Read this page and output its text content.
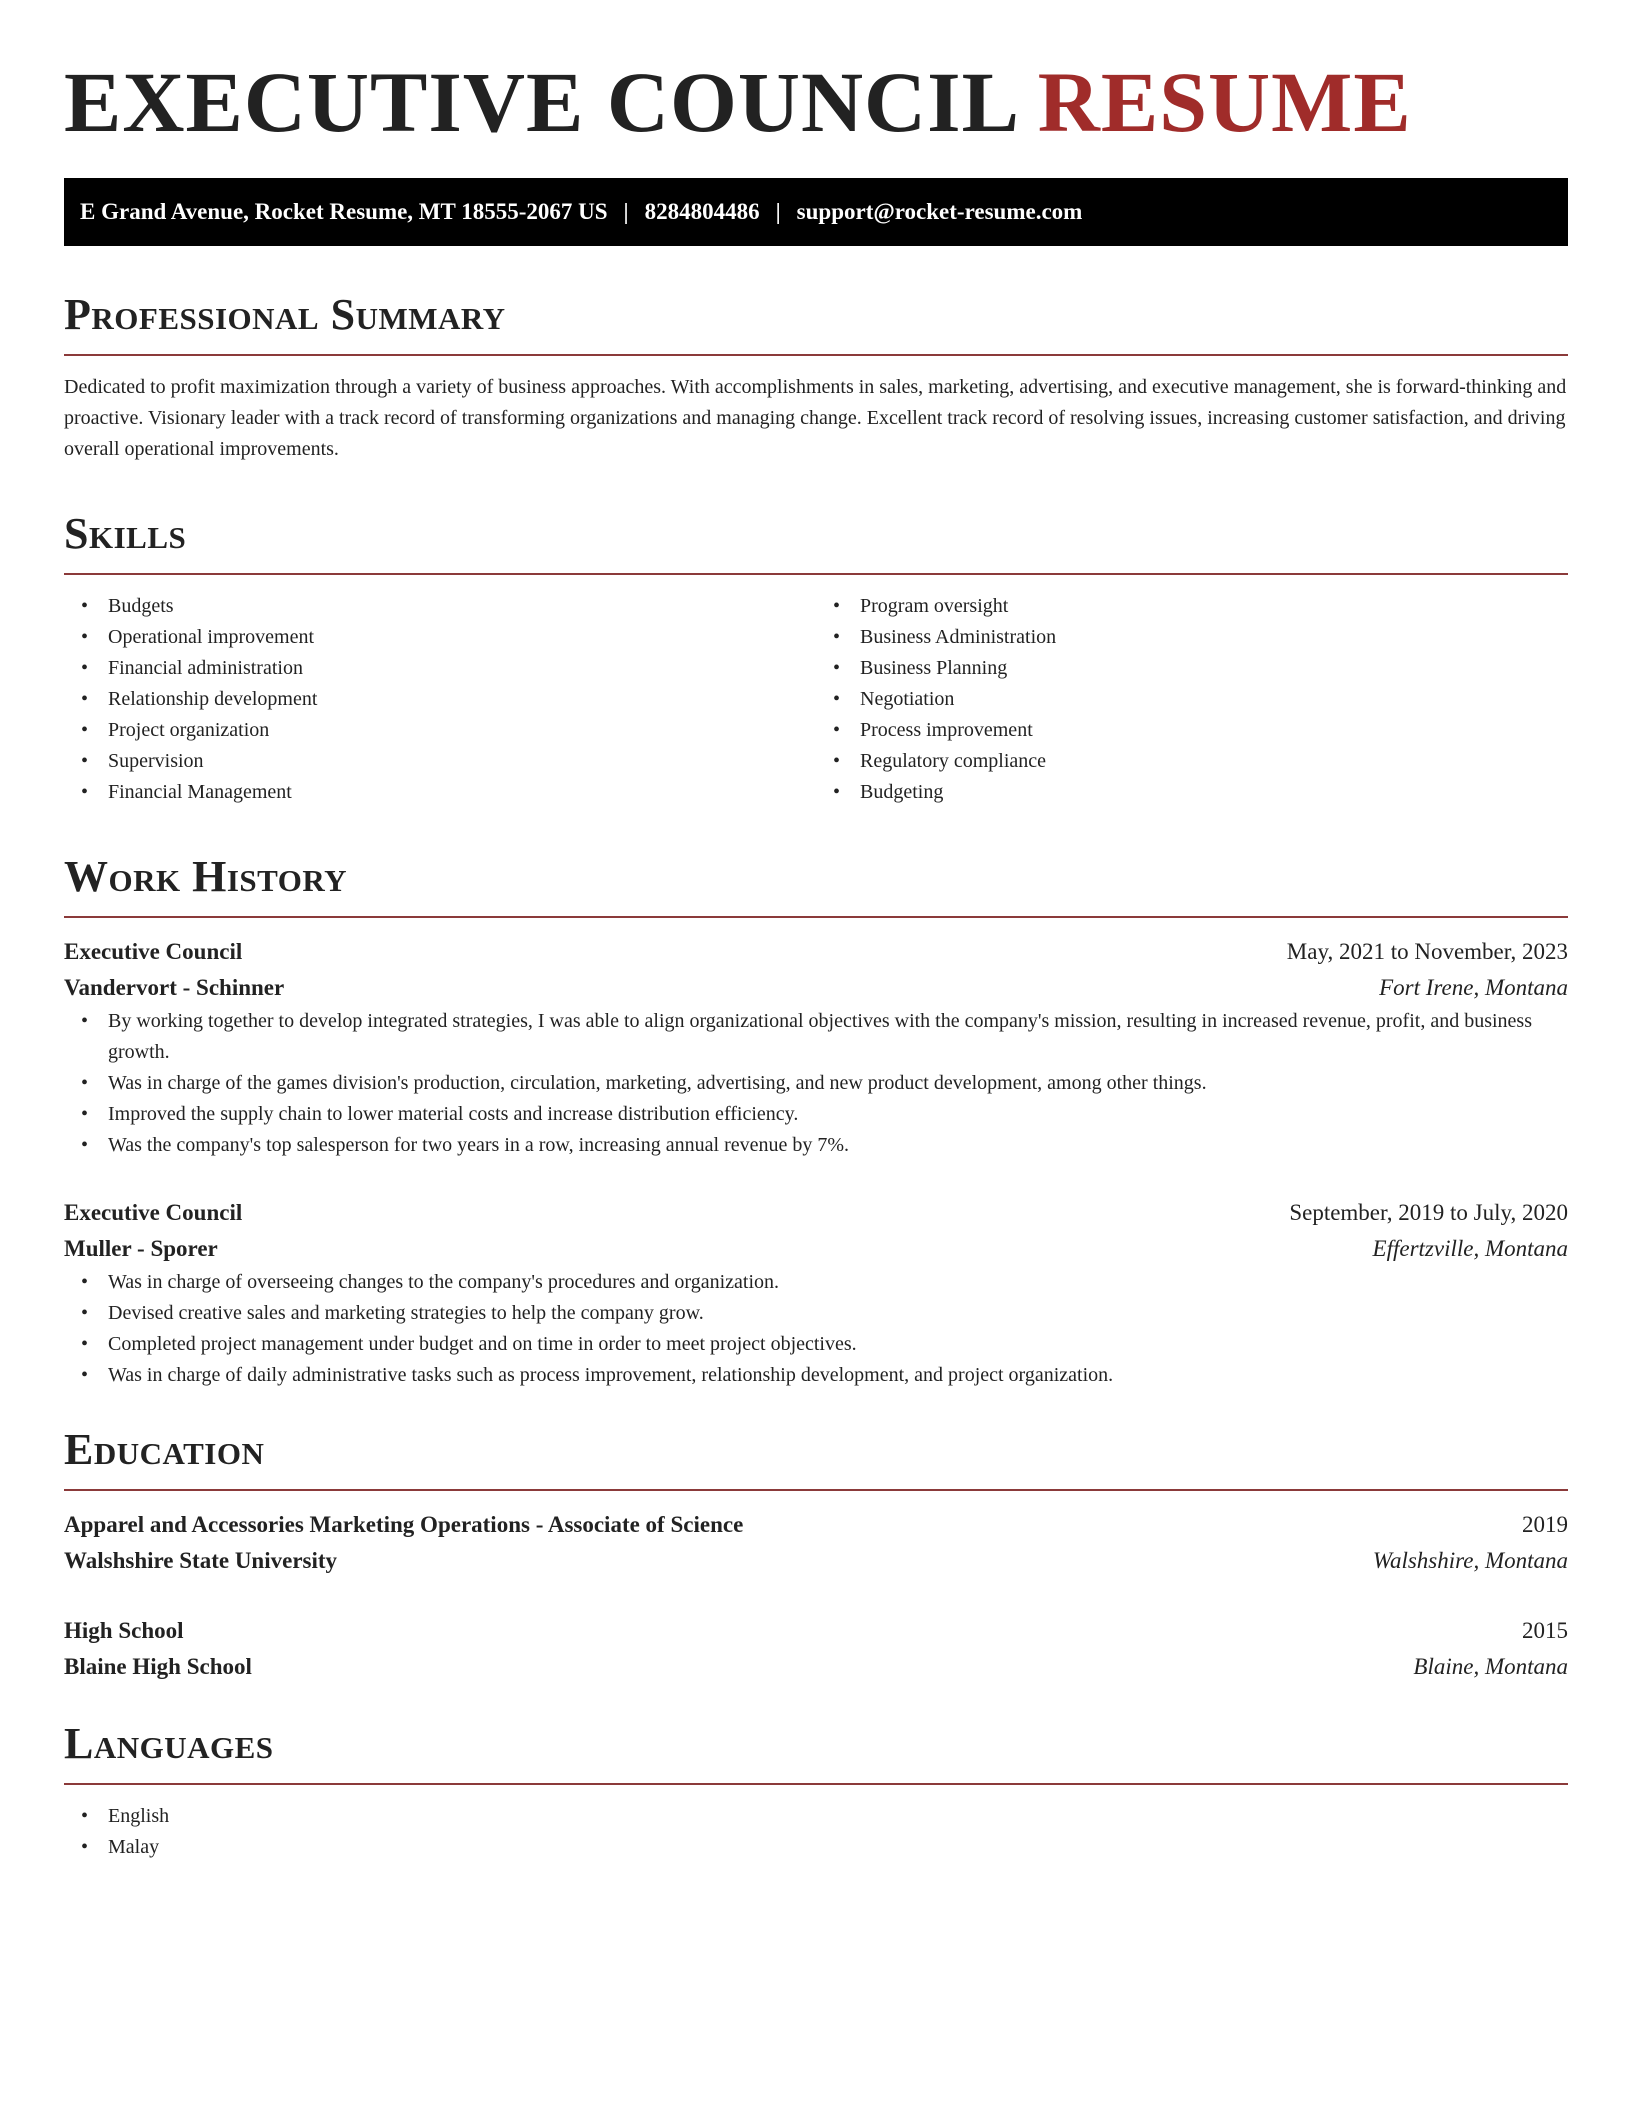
EXECUTIVE COUNCIL RESUME
E Grand Avenue, Rocket Resume, MT 18555-2067 US | 8284804486 | support@rocket-resume.com
Professional Summary

Dedicated to profit maximization through a variety of business approaches. With accomplishments in sales, marketing, advertising, and executive management, she is forward-thinking and proactive. Visionary leader with a track record of transforming organizations and managing change. Excellent track record of resolving issues, increasing customer satisfaction, and driving overall operational improvements.

Skills
• Budgets
• Operational improvement
• Financial administration
• Relationship development
• Project organization
• Supervision
• Financial Management
• Program oversight
• Business Administration
• Business Planning
• Negotiation
• Process improvement
• Regulatory compliance
• Budgeting
Work History
Executive Council	May, 2021 to November, 2023
Vandervort - Schinner	Fort Irene, Montana
• By working together to develop integrated strategies, I was able to align organizational objectives with the company's mission, resulting in increased revenue, profit, and business growth.
• Was in charge of the games division's production, circulation, marketing, advertising, and new product development, among other things.
• Improved the supply chain to lower material costs and increase distribution efficiency.
• Was the company's top salesperson for two years in a row, increasing annual revenue by 7%.
Executive Council	September, 2019 to July, 2020
Muller - Sporer	Effertzville, Montana
• Was in charge of overseeing changes to the company's procedures and organization.
• Devised creative sales and marketing strategies to help the company grow.
• Completed project management under budget and on time in order to meet project objectives.
• Was in charge of daily administrative tasks such as process improvement, relationship development, and project organization.
Education
Apparel and Accessories Marketing Operations - Associate of Science	2019
Walshshire State University	Walshshire, Montana
High School	2015
Blaine High School	Blaine, Montana
Languages
• English
• Malay
